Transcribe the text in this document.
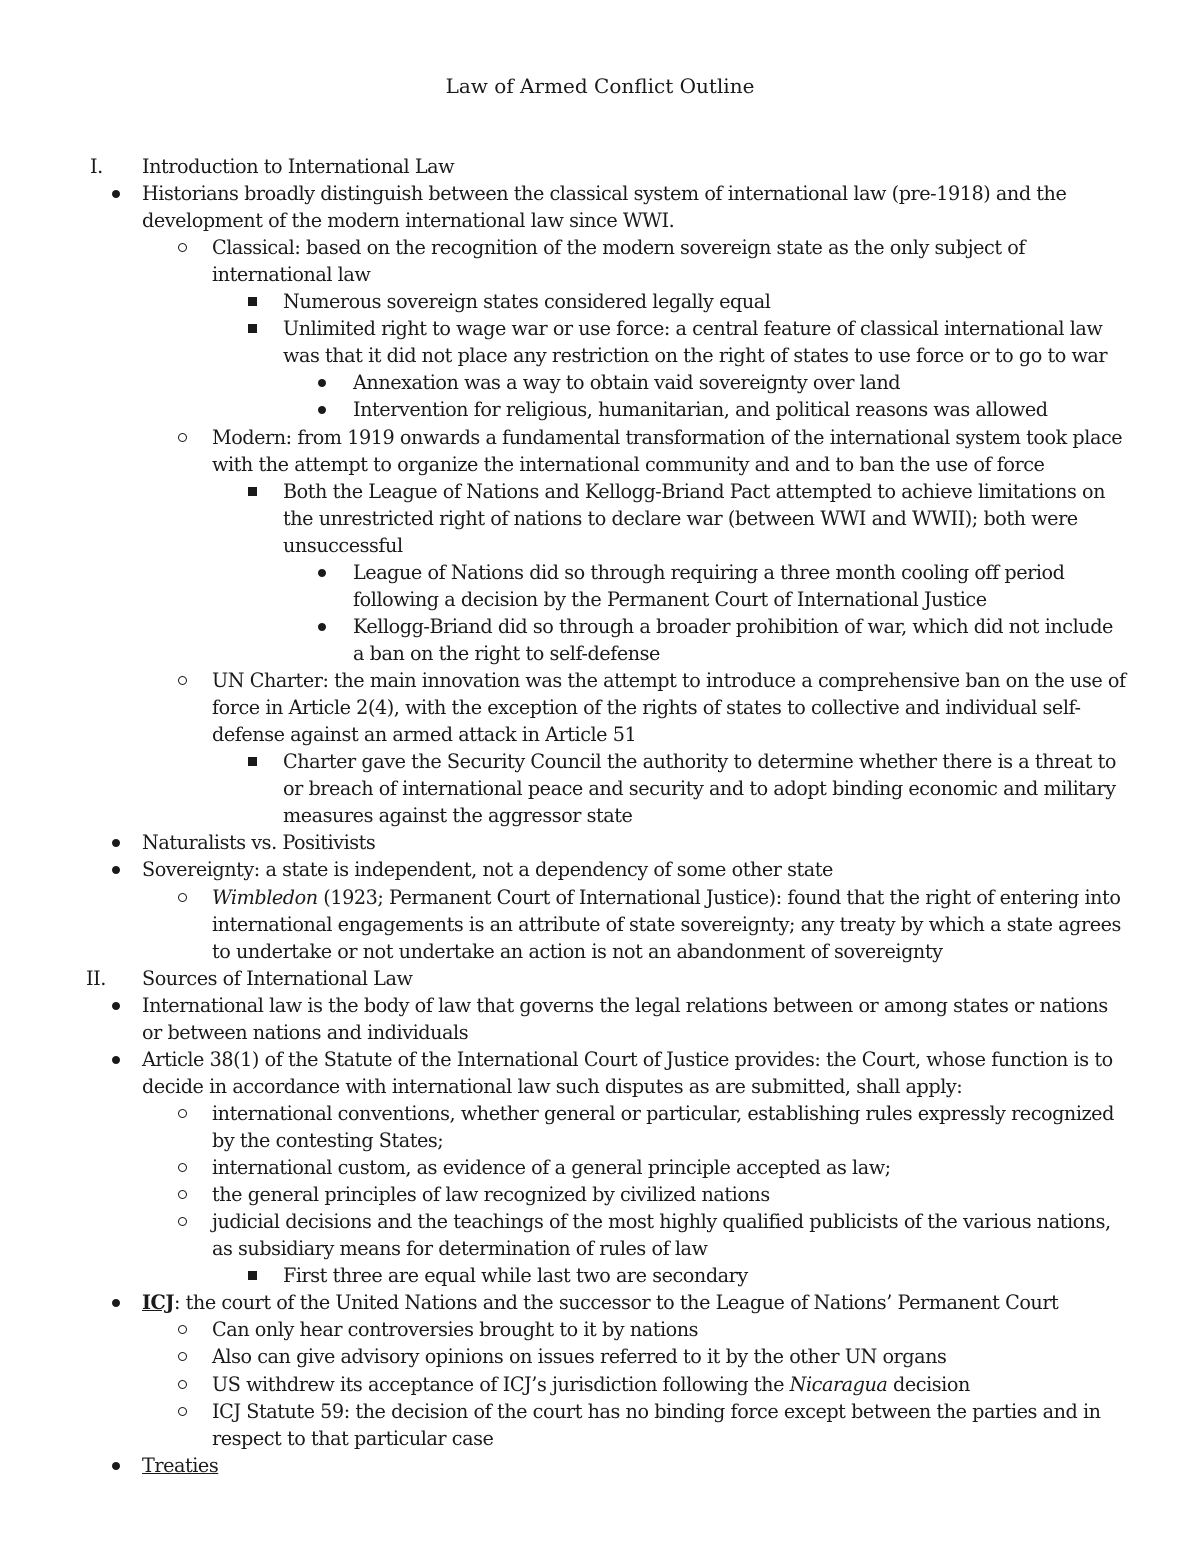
Law of Armed Conflict Outline
I. Introduction to International Law
Historians broadly distinguish between the classical system of international law (pre-1918) and the
development of the modern international law since WWI.
Classical: based on the recognition of the modern sovereign state as the only subject of
international law
Numerous sovereign states considered legally equal
Unlimited right to wage war or use force: a central feature of classical international law
was that it did not place any restriction on the right of states to use force or to go to war
Annexation was a way to obtain vaid sovereignty over land
Intervention for religious, humanitarian, and political reasons was allowed
Modern: from 1919 onwards a fundamental transformation of the international system took place
with the attempt to organize the international community and and to ban the use of force
Both the League of Nations and Kellogg-Briand Pact attempted to achieve limitations on
the unrestricted right of nations to declare war (between WWI and WWII); both were
unsuccessful
League of Nations did so through requiring a three month cooling off period
following a decision by the Permanent Court of International Justice
Kellogg-Briand did so through a broader prohibition of war, which did not include
a ban on the right to self-defense
UN Charter: the main innovation was the attempt to introduce a comprehensive ban on the use of
force in Article 2(4), with the exception of the rights of states to collective and individual self-
defense against an armed attack in Article 51
Charter gave the Security Council the authority to determine whether there is a threat to
or breach of international peace and security and to adopt binding economic and military
measures against the aggressor state
Naturalists vs. Positivists
Sovereignty: a state is independent, not a dependency of some other state
Wimbledon (1923; Permanent Court of International Justice): found that the right of entering into
international engagements is an attribute of state sovereignty; any treaty by which a state agrees
to undertake or not undertake an action is not an abandonment of sovereignty
II. Sources of International Law
International law is the body of law that governs the legal relations between or among states or nations
or between nations and individuals
Article 38(1) of the Statute of the International Court of Justice provides: the Court, whose function is to
decide in accordance with international law such disputes as are submitted, shall apply:
international conventions, whether general or particular, establishing rules expressly recognized
by the contesting States;
international custom, as evidence of a general principle accepted as law;
the general principles of law recognized by civilized nations
judicial decisions and the teachings of the most highly qualified publicists of the various nations,
as subsidiary means for determination of rules of law
First three are equal while last two are secondary
ICJ: the court of the United Nations and the successor to the League of Nations’ Permanent Court
Can only hear controversies brought to it by nations
Also can give advisory opinions on issues referred to it by the other UN organs
US withdrew its acceptance of ICJ’s jurisdiction following the Nicaragua decision
ICJ Statute 59: the decision of the court has no binding force except between the parties and in
respect to that particular case
Treaties
